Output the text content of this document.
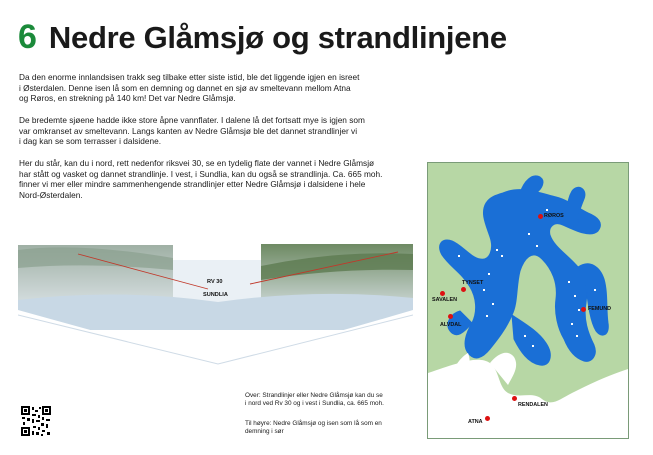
6 Nedre Glåmsjø og strandlinjene

Da den enorme innlandsisen trakk seg tilbake etter siste istid, ble det liggende igjen en isreet
i Østerdalen. Denne isen lå som en demning og dannet en sjø av smeltevann mellom Atna
og Røros, en strekning på 140 km! Det var Nedre Glåmsjø.

De bredemte sjøene hadde ikke store åpne vannflater. I dalene lå det fortsatt mye is igjen som
var omkranset av smeltevann. Langs kanten av Nedre Glåmsjø ble det dannet strandlinjer vi
i dag kan se som terrasser i dalsidene.

Her du står, kan du i nord, rett nedenfor riksvei 30, se en tydelig flate der vannet i Nedre Glåmsjø
har stått og vasket og dannet strandlinje. I vest, i Sundlia, kan du også se strandlinja. Ca. 665 moh.
finner vi mer eller mindre sammenhengende strandlinjer etter Nedre Glåmsjø i dalsidene i hele
Nord-Østerdalen.

RV 30
SUNDLIA

Over: Strandlinjer eller Nedre Glåmsjø kan du se
i nord ved Rv 30 og i vest i Sundlia, ca. 665 moh.

Til høyre: Nedre Glåmsjø og isen som lå som en
demning i sør

RØROS
TYNSET
SAVALEN
ALVDAL
FEMUND
RENDALEN
ATNA
